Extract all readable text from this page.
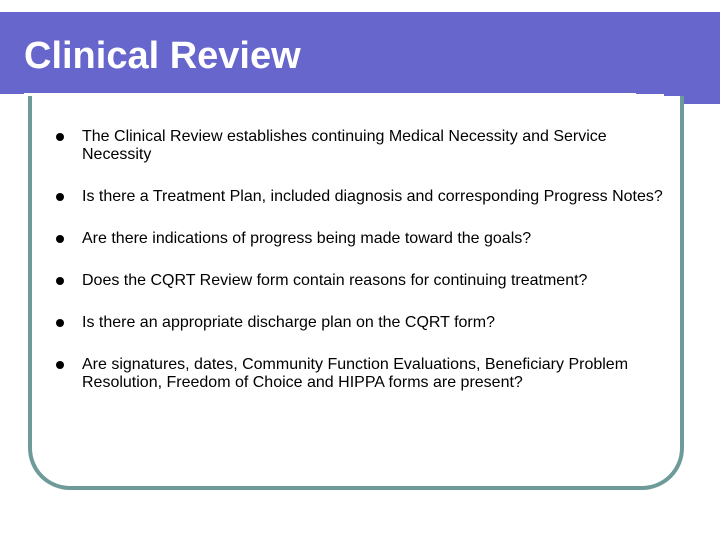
Clinical Review
The Clinical Review establishes continuing Medical Necessity and Service Necessity
Is there a Treatment Plan, included diagnosis and corresponding Progress Notes?
Are there indications of progress being made toward the goals?
Does the CQRT Review form contain reasons for continuing treatment?
Is there an appropriate discharge plan on the CQRT form?
Are signatures, dates, Community Function Evaluations, Beneficiary Problem Resolution, Freedom of Choice and HIPPA forms are present?
